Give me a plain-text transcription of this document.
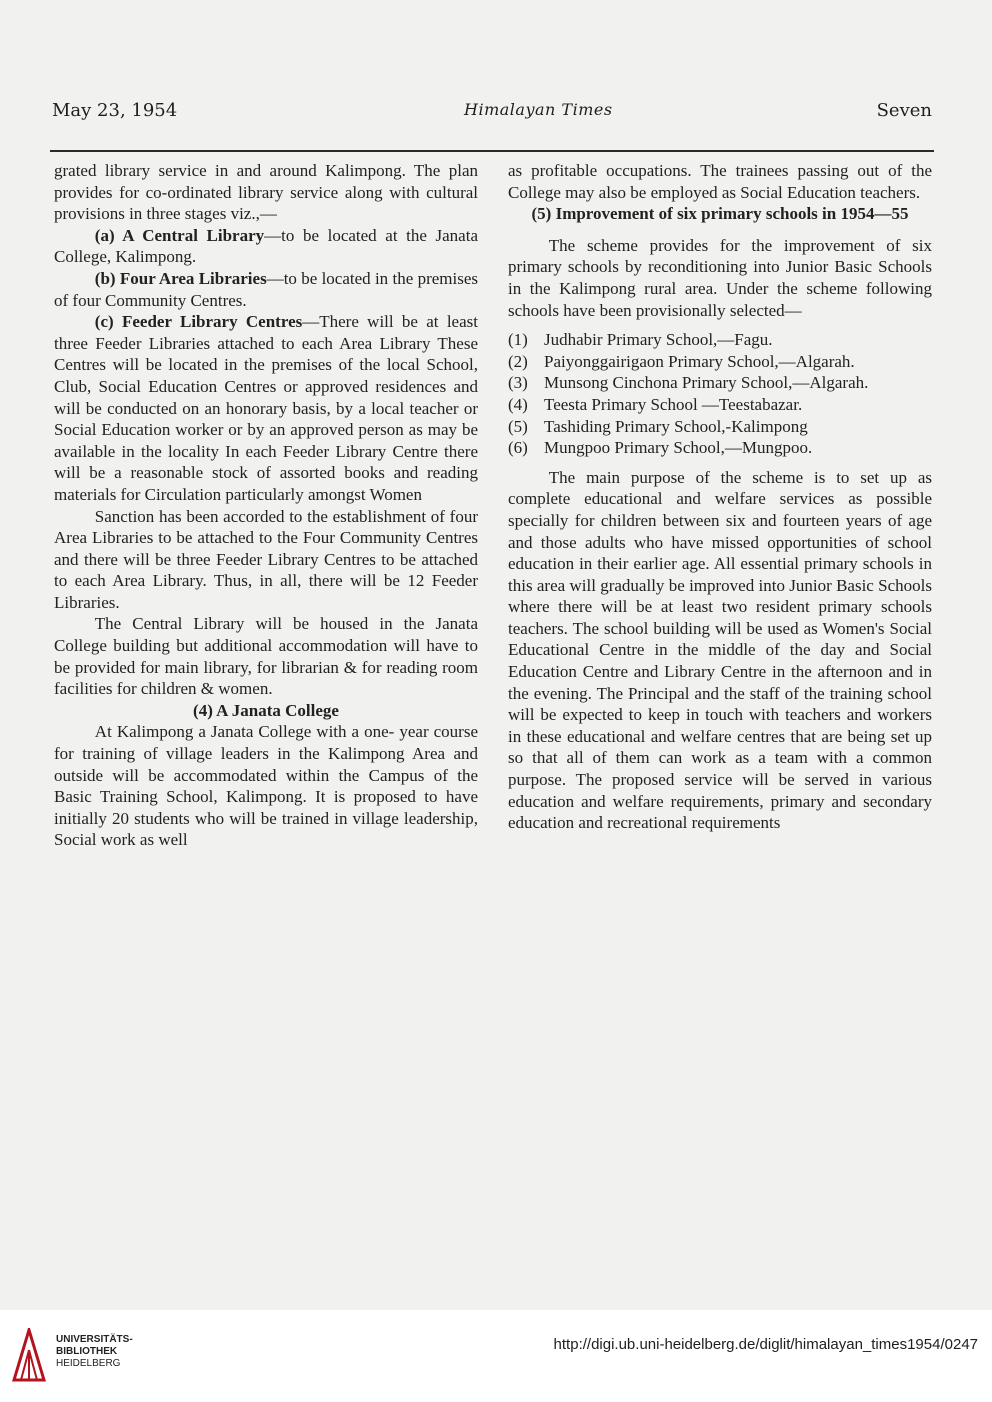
May 23, 1954	Himalayan Times	Seven

grated library service in and around Kalimpong. The plan provides for co-ordinated library service along with cultural provisions in three stages viz.,—

(a) A Central Library—to be located at the Janata College, Kalimpong.

(b) Four Area Libraries—to be located in the premises of four Community Centres.

(c) Feeder Library Centres—There will be at least three Feeder Libraries attached to each Area Library These Centres will be located in the premises of the local School, Club, Social Education Centres or approved residences and will be conducted on an honorary basis, by a local teacher or Social Education worker or by an approved person as may be available in the locality In each Feeder Library Centre there will be a reasonable stock of assorted books and reading materials for Circulation particularly amongst Women

Sanction has been accorded to the establishment of four Area Libraries to be attached to the Four Community Centres and there will be three Feeder Library Centres to be attached to each Area Library. Thus, in all, there will be 12 Feeder Libraries.

The Central Library will be housed in the Janata College building but additional accommodation will have to be provided for main library, for librarian & for reading room facilities for children & women.

(4) A Janata College

At Kalimpong a Janata College with a one- year course for training of village leaders in the Kalimpong Area and outside will be accommodated within the Campus of the Basic Training School, Kalimpong. It is proposed to have initially 20 students who will be trained in village leadership, Social work as well

as profitable occupations. The trainees passing out of the College may also be employed as Social Education teachers.

(5) Improvement of six primary schools in 1954—55

The scheme provides for the improvement of six primary schools by reconditioning into Junior Basic Schools in the Kalimpong rural area. Under the scheme following schools have been provisionally selected—

(1) Judhabir Primary School,—Fagu.
(2) Paiyonggairigaon Primary School,—Algarah.
(3) Munsong Cinchona Primary School,—Algarah.
(4) Teesta Primary School —Teestabazar.
(5) Tashiding Primary School,-Kalimpong
(6) Mungpoo Primary School,—Mungpoo.

The main purpose of the scheme is to set up as complete educational and welfare services as possible specially for children between six and fourteen years of age and those adults who have missed opportunities of school education in their earlier age. All essential primary schools in this area will gradually be improved into Junior Basic Schools where there will be at least two resident primary schools teachers. The school building will be used as Women's Social Educational Centre in the middle of the day and Social Education Centre and Library Centre in the afternoon and in the evening. The Principal and the staff of the training school will be expected to keep in touch with teachers and workers in these educational and welfare centres that are being set up so that all of them can work as a team with a common purpose. The proposed service will be served in various education and welfare requirements, primary and secondary education and recreational requirements

UNIVERSITÄTS-
BIBLIOTHEK
HEIDELBERG
http://digi.ub.uni-heidelberg.de/diglit/himalayan_times1954/0247
